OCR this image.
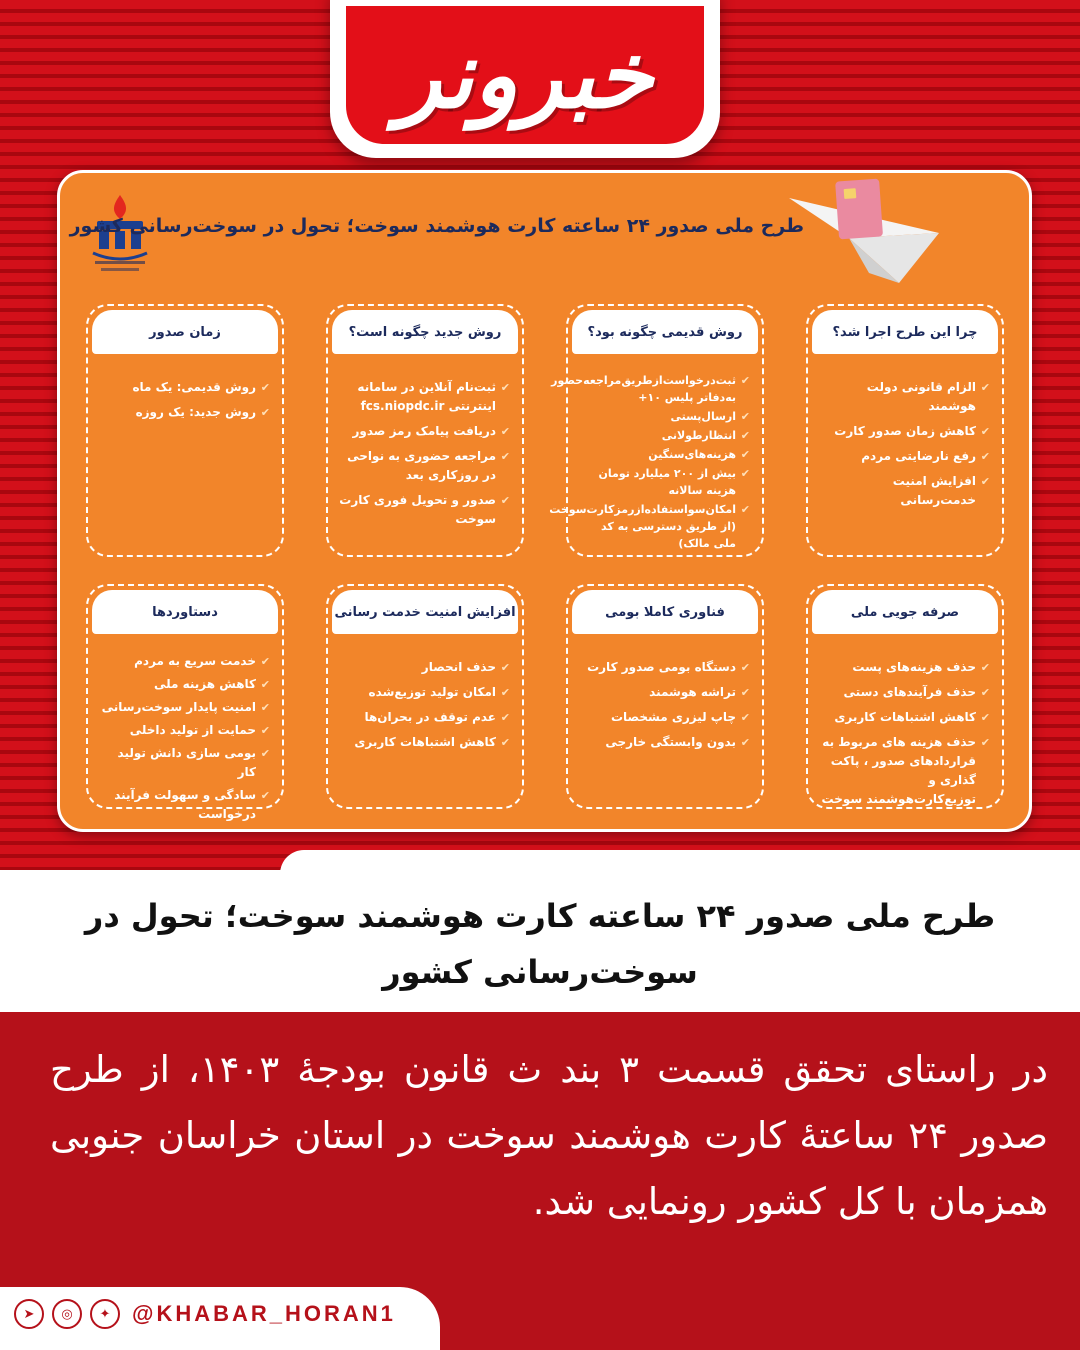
خبرونر
طرح ملی صدور ۲۴ ساعته کارت هوشمند سوخت؛ تحول در سوخت‌رسانی کشور
چرا این طرح اجرا شد؟
✔
الزام قانونی دولت هوشمند
✔
کاهش زمان صدور کارت
✔
رفع نارضایتی مردم
✔
افزایش امنیت خدمت‌رسانی
روش قدیمی چگونه بود؟
✔
ثبت‌درخواست‌ازطریق‌مراجعه‌حضور به‌دفاتر پلیس ۱۰+
✔
ارسال‌پستی
✔
انتظار‌طولانی
✔
هزینه‌های‌سنگین
✔
بیش از ۲۰۰ میلیارد تومان هزینه سالانه
✔
امکان‌سواستفاده‌از‌رمز‌کارت‌سوخت (از طریق دسترسی به کد ملی مالک)
روش جدید چگونه است؟
✔
ثبت‌نام آنلاین در سامانه اینترنتی fcs.niopdc.ir
✔
دریافت پیامک رمز صدور
✔
مراجعه حضوری به نواحی در روزکاری بعد
✔
صدور و تحویل فوری کارت سوخت
زمان صدور
✔
روش قدیمی: یک ماه
✔
روش جدید: یک روزه
صرفه جویی ملی
✔
حذف هزینه‌های پست
✔
حذف فرآیندهای دستی
✔
کاهش اشتباهات کاربری
✔
حذف هزینه های مربوط به قراردادهای صدور ، پاکت گذاری و توزیع‌کارت‌هوشمند سوخت
فناوری کاملا بومی
✔
دستگاه بومی صدور کارت
✔
تراشه هوشمند
✔
چاپ لیزری مشخصات
✔
بدون وابستگی خارجی
افزایش امنیت خدمت رسانی
✔
حذف انحصار
✔
امکان تولید توزیع‌شده
✔
عدم توقف در بحران‌ها
✔
کاهش اشتباهات کاربری
دستاوردها
✔
خدمت سریع به مردم
✔
کاهش هزینه ملی
✔
امنیت پایدار سوخت‌رسانی
✔
حمایت از تولید داخلی
✔
بومی سازی دانش تولید کار
✔
سادگی و سهولت فرآیند درخواست
طرح ملی صدور ۲۴ ساعته کارت هوشمند سوخت؛ تحول در سوخت‌رسانی کشور
در راستای تحقق قسمت ۳ بند ث قانون بودجهٔ ۱۴۰۳، از طرح صدور ۲۴ ساعتهٔ کارت هوشمند سوخت در استان خراسان جنوبی همزمان با کل کشور رونمایی شد.
➤	◎	✦ @KHABAR_HORAN1
